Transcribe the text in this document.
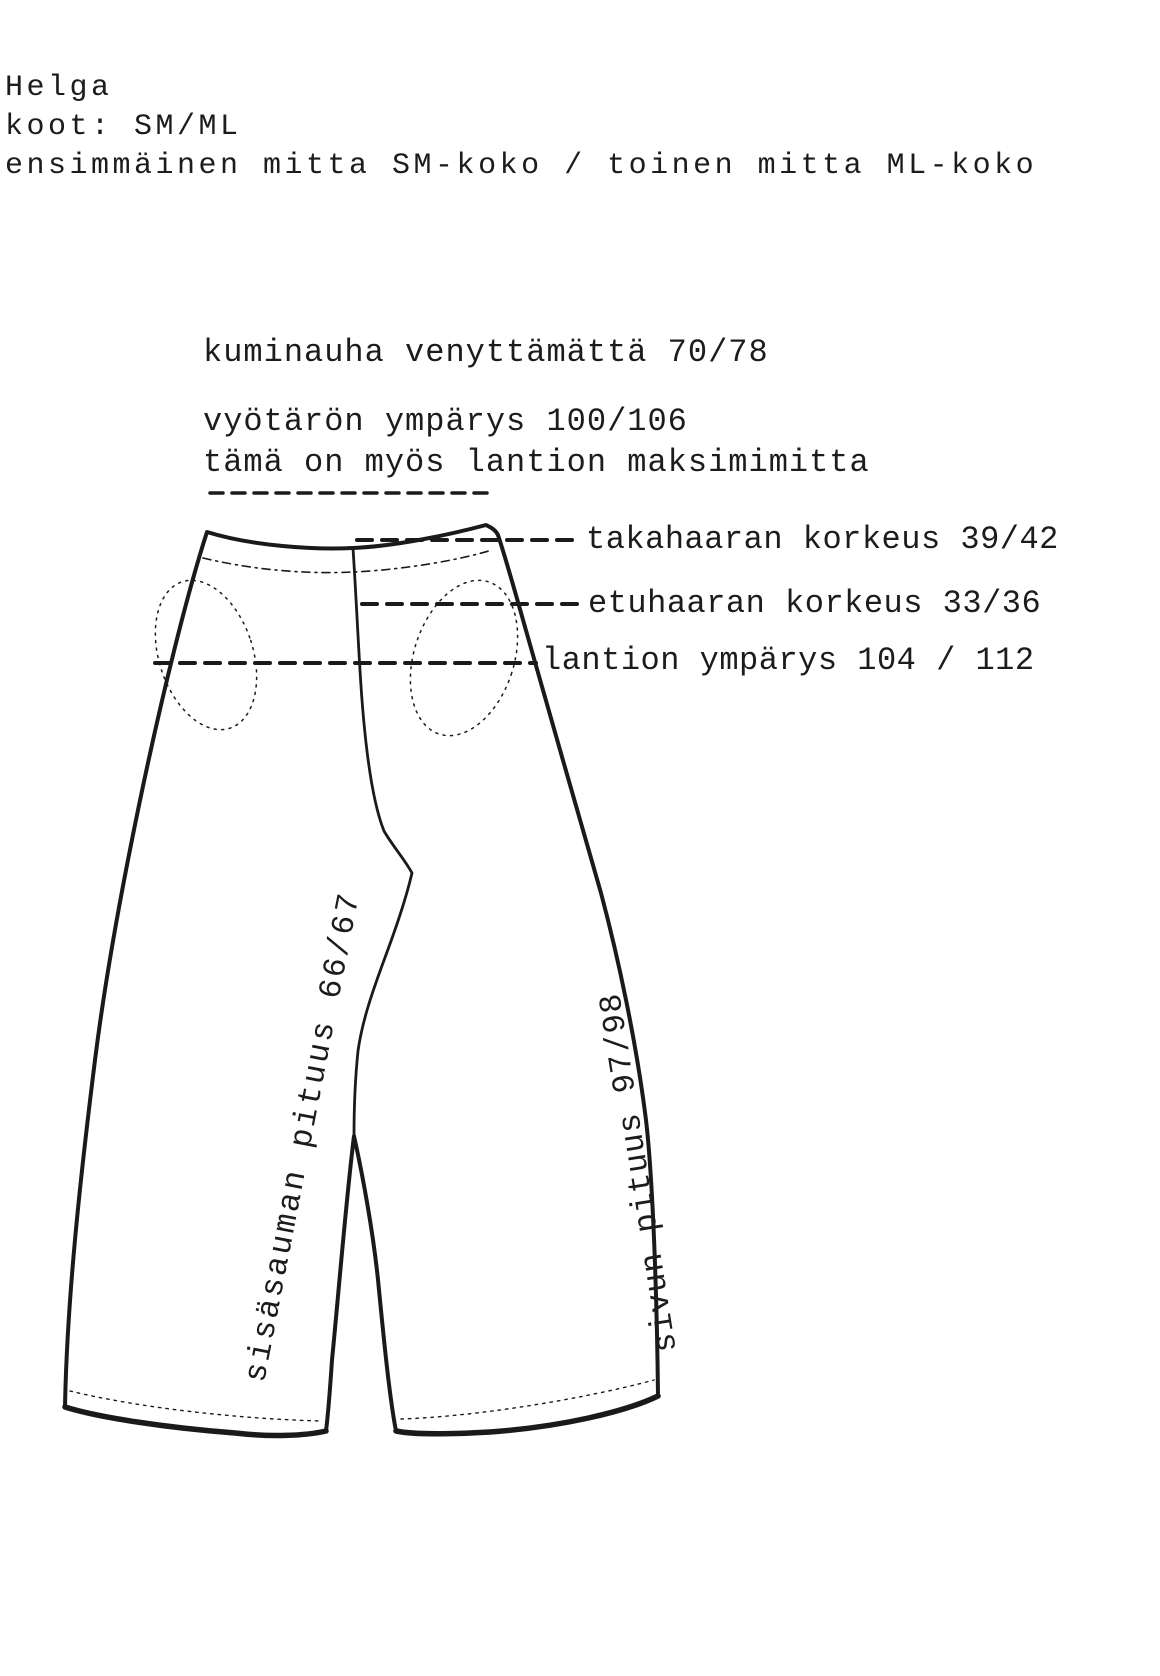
Helga
koot: SM/ML
ensimmäinen mitta SM-koko / toinen mitta ML-koko
kuminauha venyttämättä 70/78
vyötärön ympärys 100/106
tämä on myös lantion maksimimitta
takahaaran korkeus 39/42
etuhaaran korkeus 33/36
lantion ympärys 104 / 112
sisäsauman pituus 66/67	sivun pituus 97/98
